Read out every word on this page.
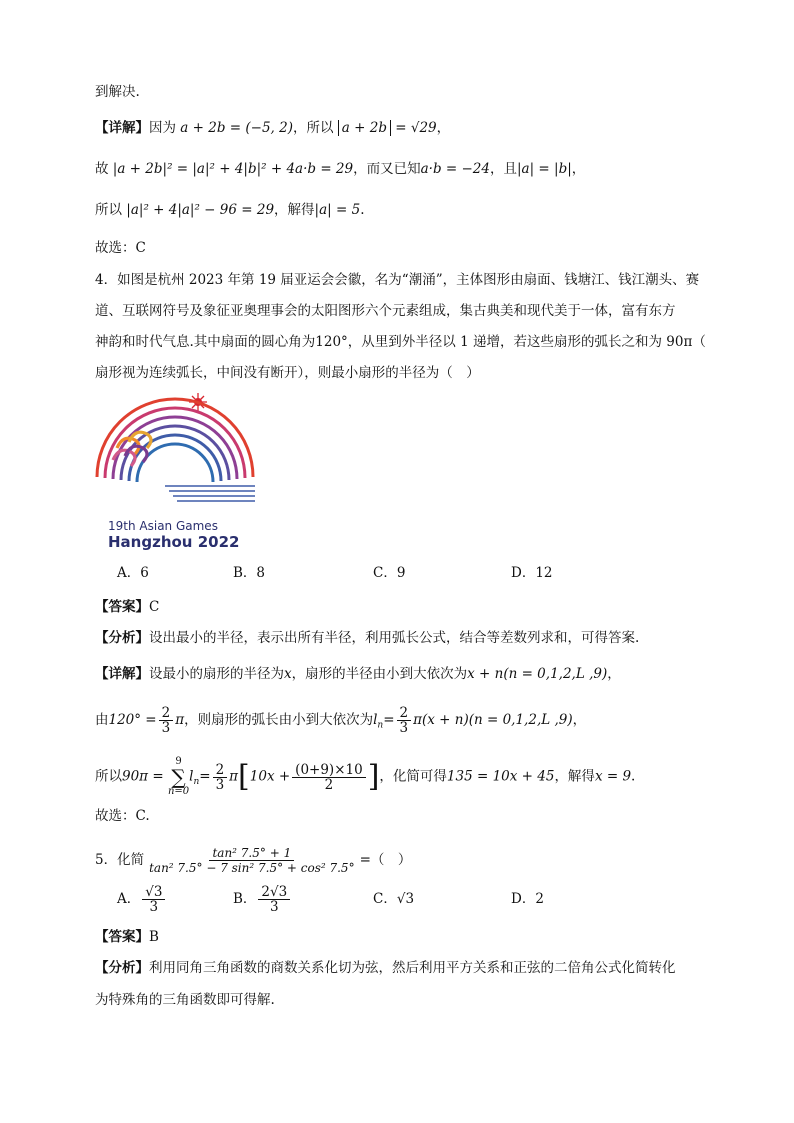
到解决.
【详解】因为 a + 2b = (−5, 2)，所以 a + 2b = √29，
故 |a + 2b|² = |a|² + 4|b|² + 4a·b = 29，而又已知a·b = −24，且|a| = |b|，
所以 |a|² + 4|a|² − 96 = 29，解得|a| = 5.
故选：C
4．如图是杭州 2023 年第 19 届亚运会会徽，名为“潮涌”，主体图形由扇面、钱塘江、钱江潮头、赛
道、互联网符号及象征亚奥理事会的太阳图形六个元素组成，集古典美和现代美于一体，富有东方
神韵和时代气息.其中扇面的圆心角为120°，从里到外半径以 1 递增，若这些扇形的弧长之和为 90π（
扇形视为连续弧长，中间没有断开），则最小扇形的半径为（　）
19th Asian Games
Hangzhou 2022
A．6	B．8	C．9	D．12
【答案】C
【分析】设出最小的半径，表示出所有半径，利用弧长公式，结合等差数列求和，可得答案.
【详解】设最小的扇形的半径为x，扇形的半径由小到大依次为x + n(n = 0,1,2,L ,9)，
由$120^\circ = \frac{2}{3}$ π，则扇形的弧长由小到大依次为$l_n= \frac{2}{3} \pi(x + n)(n = 0,1,2,L$ ,9)，
所以90π =
9
∑
n=0
$l_n= \frac{2}{3} \pi[10x + \frac{(0+9)\times 10}{2}$ ]，化简可得135 = 10x + 45，解得x = 9.
故选：C.
5．化简 $\frac{\text{tan² 7.5° + 1}}{\text{tan² 7.5° − 7 sin² 7.5° + cos² 7.5°}}$ =（　）
A． $\frac{√3}{3}$	B． $\frac{2√3}{3}$	C．√3	D．2
【答案】B
【分析】利用同角三角函数的商数关系化切为弦，然后利用平方关系和正弦的二倍角公式化简转化
为特殊角的三角函数即可得解.
